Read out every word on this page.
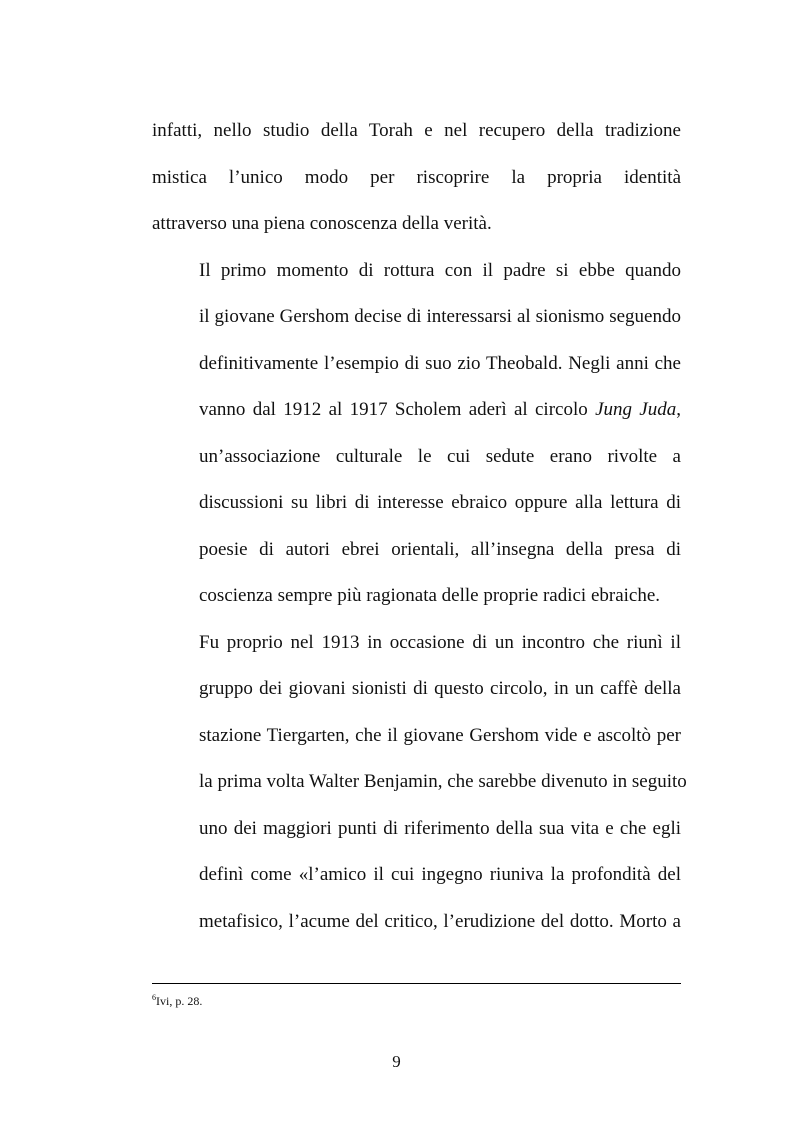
infatti, nello studio della Torah e nel recupero della tradizione
mistica l’unico modo per riscoprire la propria identità
attraverso una piena conoscenza della verità.

Il primo momento di rottura con il padre si ebbe quando
il giovane Gershom decise di interessarsi al sionismo seguendo
definitivamente l’esempio di suo zio Theobald. Negli anni che
vanno dal 1912 al 1917 Scholem aderì al circolo Jung Juda,
un’associazione culturale le cui sedute erano rivolte a
discussioni su libri di interesse ebraico oppure alla lettura di
poesie di autori ebrei orientali, all’insegna della presa di
coscienza sempre più ragionata delle proprie radici ebraiche.

Fu proprio nel 1913 in occasione di un incontro che riunì il
gruppo dei giovani sionisti di questo circolo, in un caffè della
stazione Tiergarten, che il giovane Gershom vide e ascoltò per
la prima volta Walter Benjamin, che sarebbe divenuto in seguito
uno dei maggiori punti di riferimento della sua vita e che egli
definì come «l’amico il cui ingegno riuniva la profondità del
metafisico, l’acume del critico, l’erudizione del dotto. Morto a

$^6$Ivi, p. 28.
9
